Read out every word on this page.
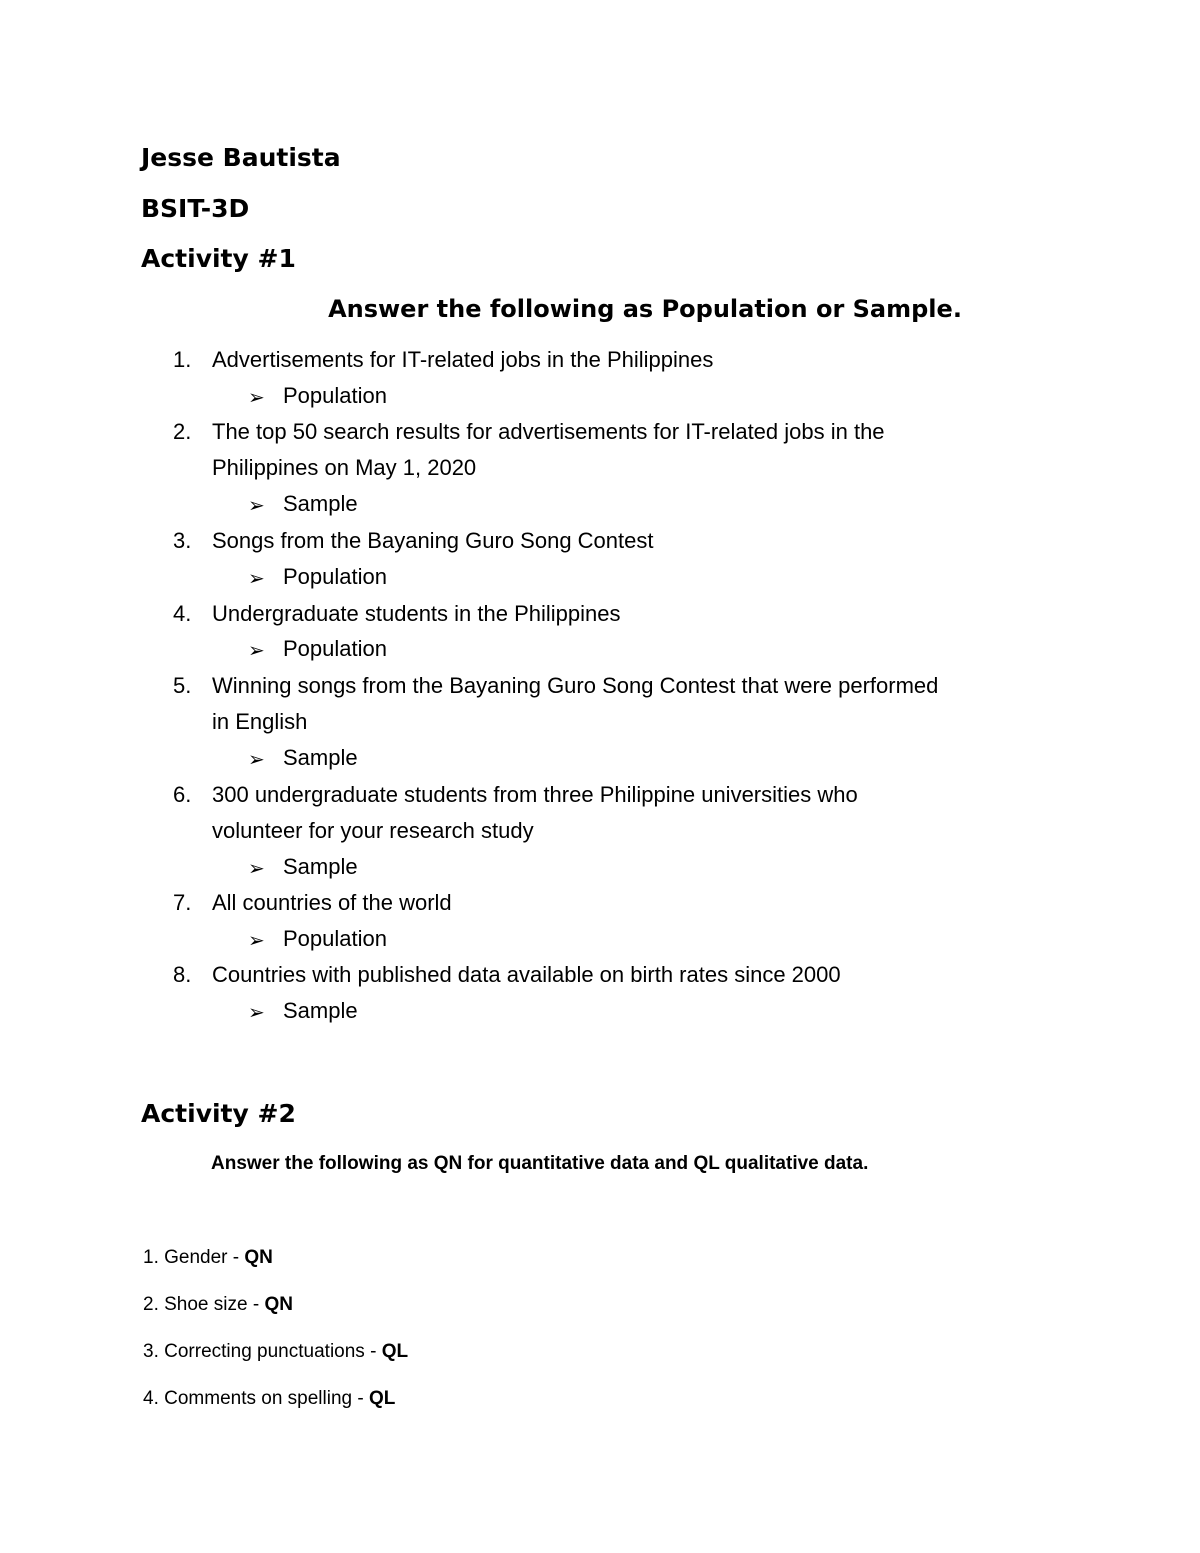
Jesse Bautista
BSIT-3D
Activity #1
Answer the following as Population or Sample.
1. Advertisements for IT-related jobs in the Philippines
➢ Population
2. The top 50 search results for advertisements for IT-related jobs in the
Philippines on May 1, 2020
➢ Sample
3. Songs from the Bayaning Guro Song Contest
➢ Population
4. Undergraduate students in the Philippines
➢ Population
5. Winning songs from the Bayaning Guro Song Contest that were performed
in English
➢ Sample
6. 300 undergraduate students from three Philippine universities who
volunteer for your research study
➢ Sample
7. All countries of the world
➢ Population
8. Countries with published data available on birth rates since 2000
➢ Sample
Activity #2
Answer the following as QN for quantitative data and QL qualitative data.
1. Gender - QN
2. Shoe size - QN
3. Correcting punctuations - QL
4. Comments on spelling - QL
